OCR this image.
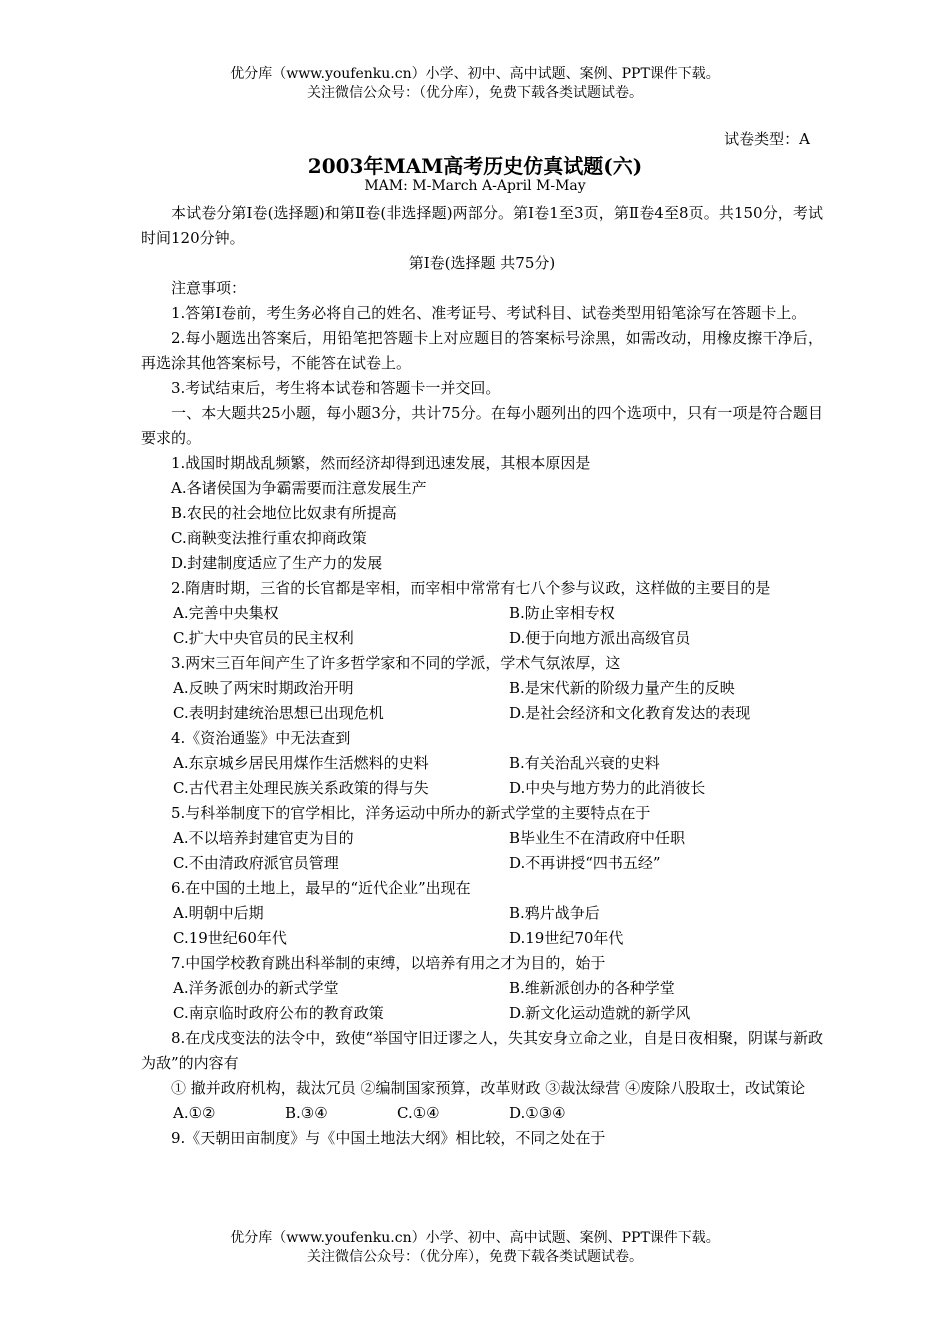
优分库（www.youfenku.cn）小学、初中、高中试题、案例、PPT课件下载。
关注微信公众号：（优分库），免费下载各类试题试卷。
试卷类型：A
2003年MAM高考历史仿真试题(六)
MAM: M-March A-April M-May

本试卷分第Ⅰ卷(选择题)和第Ⅱ卷(非选择题)两部分。第Ⅰ卷1至3页，第Ⅱ卷4至8页。共150分，考试时间120分钟。

第Ⅰ卷(选择题 共75分)

注意事项：

1.答第Ⅰ卷前，考生务必将自己的姓名、准考证号、考试科目、试卷类型用铅笔涂写在答题卡上。

2.每小题选出答案后，用铅笔把答题卡上对应题目的答案标号涂黑，如需改动，用橡皮擦干净后，再选涂其他答案标号，不能答在试卷上。

3.考试结束后，考生将本试卷和答题卡一并交回。

一、本大题共25小题，每小题3分，共计75分。在每小题列出的四个选项中，只有一项是符合题目要求的。

1.战国时期战乱频繁，然而经济却得到迅速发展，其根本原因是

A.各诸侯国为争霸需要而注意发展生产

B.农民的社会地位比奴隶有所提高

C.商鞅变法推行重农抑商政策

D.封建制度适应了生产力的发展

2.隋唐时期，三省的长官都是宰相，而宰相中常常有七八个参与议政，这样做的主要目的是

A.完善中央集权	B.防止宰相专权
C.扩大中央官员的民主权利	D.便于向地方派出高级官员

3.两宋三百年间产生了许多哲学家和不同的学派，学术气氛浓厚，这

A.反映了两宋时期政治开明	B.是宋代新的阶级力量产生的反映
C.表明封建统治思想已出现危机	D.是社会经济和文化教育发达的表现

4.《资治通鉴》中无法查到

A.东京城乡居民用煤作生活燃料的史料	B.有关治乱兴衰的史料
C.古代君主处理民族关系政策的得与失	D.中央与地方势力的此消彼长

5.与科举制度下的官学相比，洋务运动中所办的新式学堂的主要特点在于

A.不以培养封建官吏为目的	B毕业生不在清政府中任职
C.不由清政府派官员管理	D.不再讲授“四书五经”

6.在中国的土地上，最早的“近代企业”出现在

A.明朝中后期	B.鸦片战争后
C.19世纪60年代	D.19世纪70年代

7.中国学校教育跳出科举制的束缚，以培养有用之才为目的，始于

A.洋务派创办的新式学堂	B.维新派创办的各种学堂
C.南京临时政府公布的教育政策	D.新文化运动造就的新学风

8.在戊戌变法的法令中，致使“举国守旧迂谬之人，失其安身立命之业，自是日夜相聚，阴谋与新政为敌”的内容有

① 撤并政府机构，裁汰冗员 ②编制国家预算，改革财政 ③裁汰绿营 ④废除八股取士，改试策论

A.①②	B.③④	C.①④	D.①③④

9.《天朝田亩制度》与《中国土地法大纲》相比较，不同之处在于

优分库（www.youfenku.cn）小学、初中、高中试题、案例、PPT课件下载。
关注微信公众号：（优分库），免费下载各类试题试卷。
